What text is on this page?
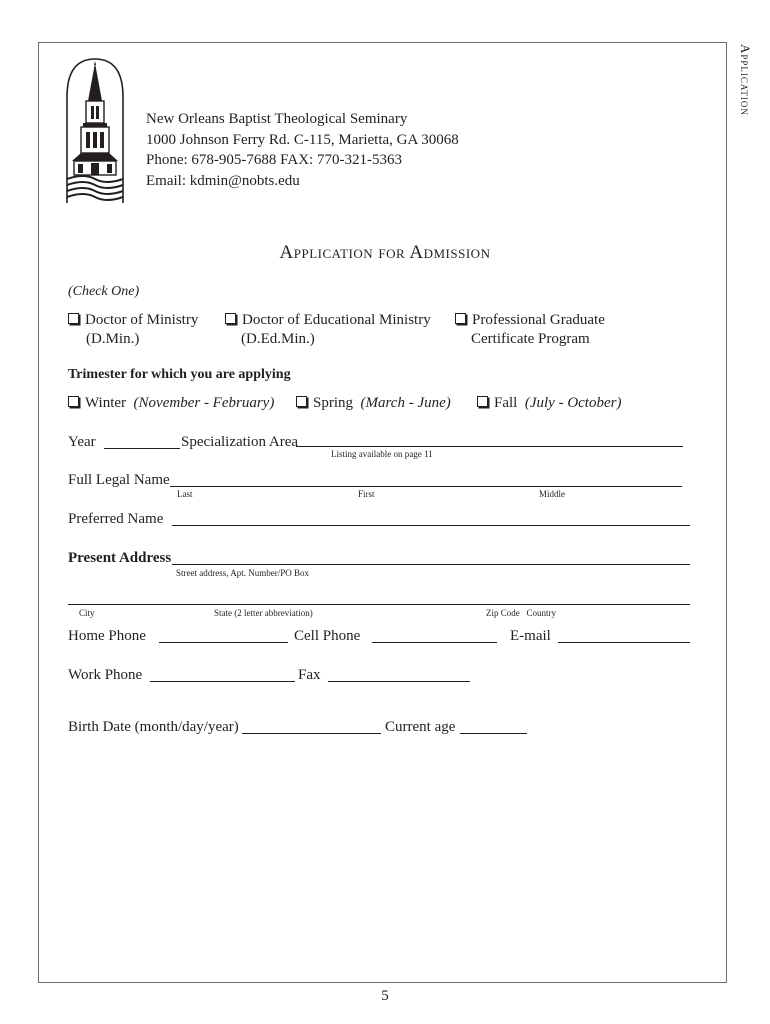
Application
New Orleans Baptist Theological Seminary
1000 Johnson Ferry Rd. C-115, Marietta, GA 30068
Phone: 678-905-7688 FAX: 770-321-5363
Email: kdmin@nobts.edu
Application for Admission
(Check One)
Doctor of Ministry
(D.Min.)
Doctor of Educational Ministry
(D.Ed.Min.)
Professional Graduate
Certificate Program
Trimester for which you are applying
Winter (November - February)	Spring (March - June)	Fall (July - October)
Year	Specialization Area
Listing available on page 11
Full Legal Name
Last	First	Middle
Preferred Name
Present Address
Street address, Apt. Number/PO Box
City	State (2 letter abbreviation)	Zip Code   Country
Home Phone	Cell Phone	E-mail
Work Phone	Fax
Birth Date (month/day/year)	Current age
5
